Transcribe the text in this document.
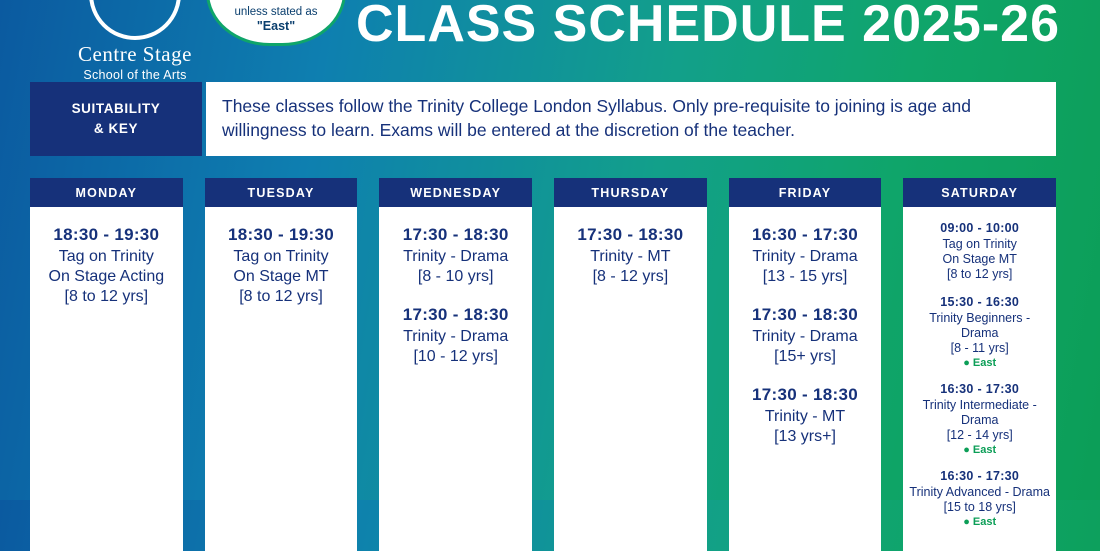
Centre Stage
School of the Arts
unless stated as
"East" CLASS SCHEDULE 2025-26
SUITABILITY
& KEY
These classes follow the Trinity College London Syllabus. Only pre-requisite to joining is age and willingness to learn. Exams will be entered at the discretion of the teacher.
MONDAY
18:30 - 19:30
Tag on Trinity
On Stage Acting
[8 to 12 yrs]
TUESDAY
18:30 - 19:30
Tag on Trinity
On Stage MT
[8 to 12 yrs]
WEDNESDAY
17:30 - 18:30
Trinity - Drama
[8 - 10 yrs]
17:30 - 18:30
Trinity - Drama
[10 - 12 yrs]
THURSDAY
17:30 - 18:30
Trinity - MT
[8 - 12 yrs]
FRIDAY
16:30 - 17:30
Trinity - Drama
[13 - 15 yrs]
17:30 - 18:30
Trinity - Drama
[15+ yrs]
17:30 - 18:30
Trinity - MT
[13 yrs+]
SATURDAY
09:00 - 10:00
Tag on Trinity
On Stage MT
[8 to 12 yrs]
15:30 - 16:30
Trinity Beginners - Drama
[8 - 11 yrs]
● East
16:30 - 17:30
Trinity Intermediate - Drama
[12 - 14 yrs]
● East
16:30 - 17:30
Trinity Advanced - Drama
[15 to 18 yrs]
● East
